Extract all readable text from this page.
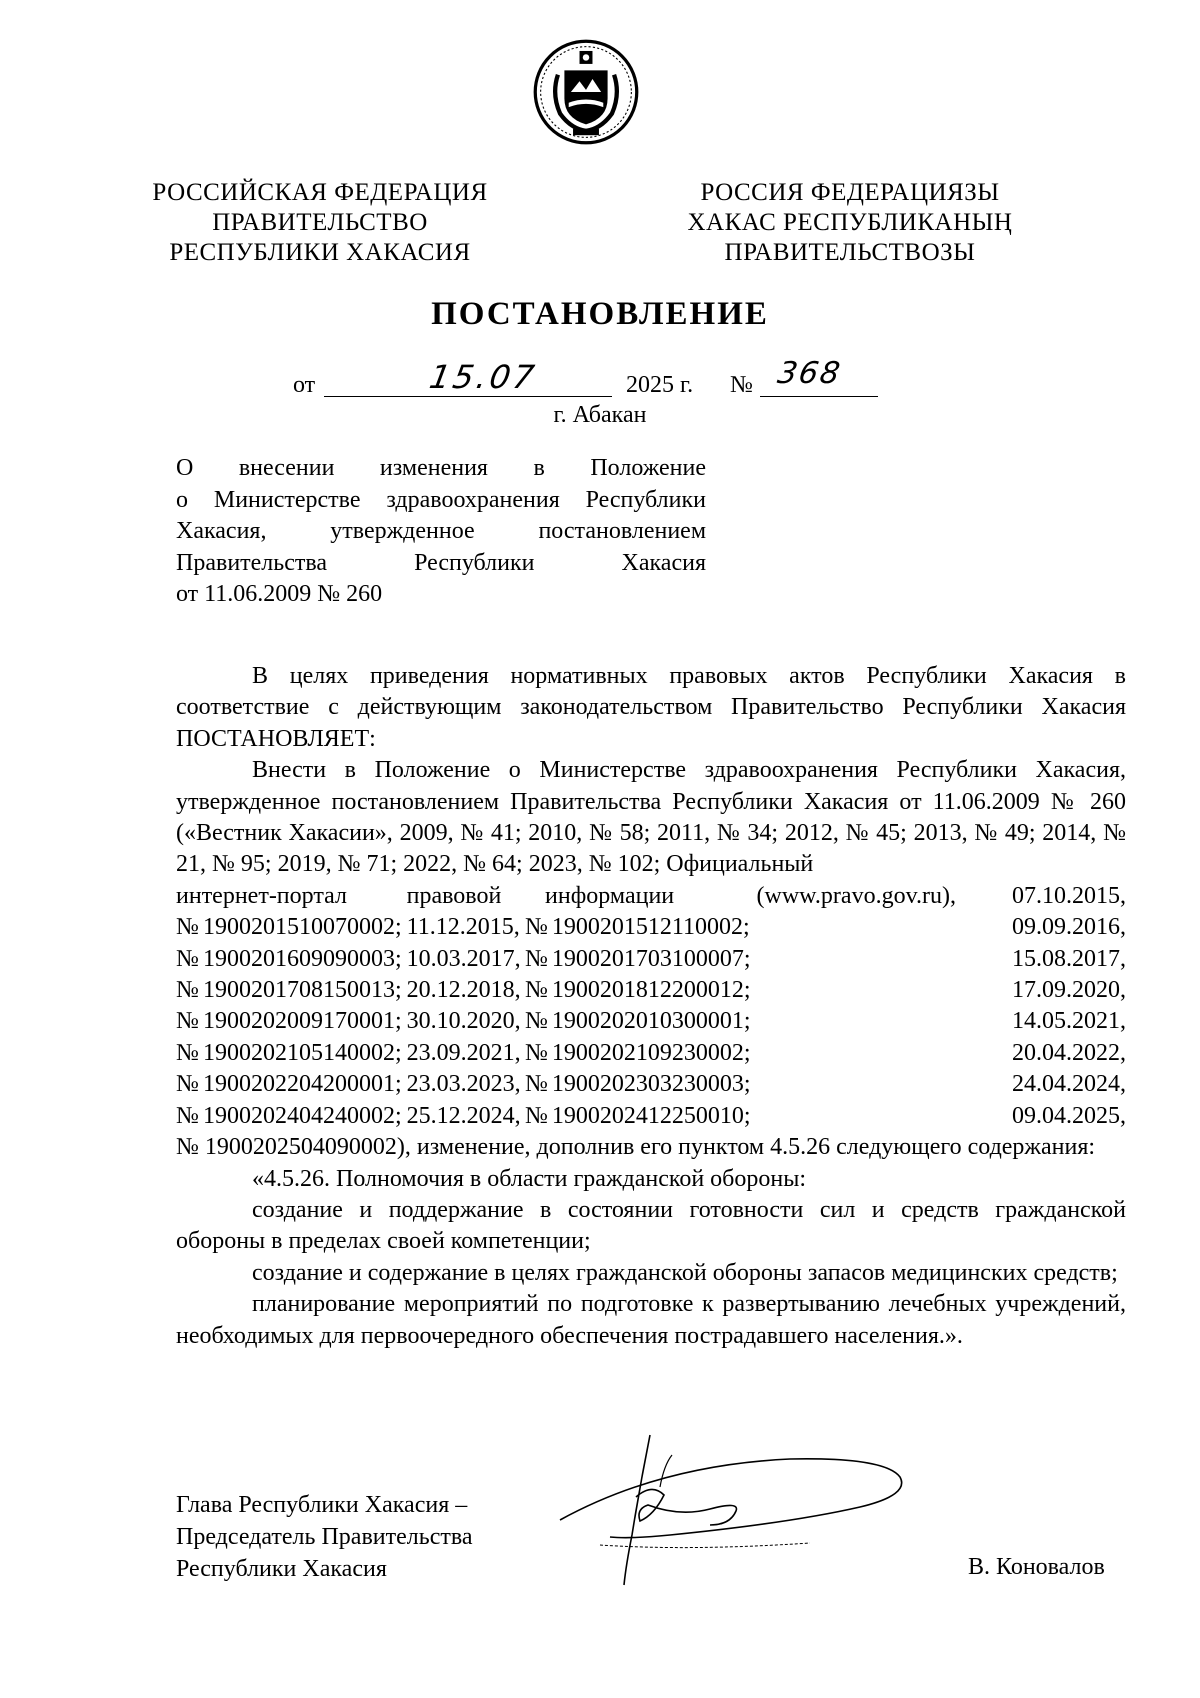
РОССИЙСКАЯ ФЕДЕРАЦИЯ
ПРАВИТЕЛЬСТВО
РЕСПУБЛИКИ ХАКАСИЯ
РОССИЯ ФЕДЕРАЦИЯЗЫ
ХАКАС РЕСПУБЛИКАНЫҢ
ПРАВИТЕЛЬСТВОЗЫ
ПОСТАНОВЛЕНИЕ
от	15.07	2025 г. № 368
г. Абакан
О внесении изменения в Положение
о Министерстве здравоохранения Республики
Хакасия, утвержденное постановлением
Правительства Республики Хакасия
от 11.06.2009 № 260

В целях приведения нормативных правовых актов Республики Хакасия в соответствие с действующим законодательством Правительство Республики Хакасия ПОСТАНОВЛЯЕТ:

Внести в Положение о Министерстве здравоохранения Республики Хакасия, утвержденное постановлением Правительства Республики Хакасия от 11.06.2009 № 260 («Вестник Хакасии», 2009, № 41; 2010, № 58; 2011, № 34; 2012, № 45; 2013, № 49; 2014, № 21, № 95; 2019, № 71; 2022, № 64; 2023, № 102; Официальный

интернет-портал		правовой	информации		(www.pravo.gov.ru), 07.10.2015,
№	1900201510070002;	11.12.2015,	№	1900201512110002;	09.09.2016,
№	1900201609090003;	10.03.2017,	№	1900201703100007;	15.08.2017,
№	1900201708150013;	20.12.2018,	№	1900201812200012;	17.09.2020,
№	1900202009170001;	30.10.2020,	№	1900202010300001;	14.05.2021,
№	1900202105140002;	23.09.2021,	№	1900202109230002;	20.04.2022,
№	1900202204200001;	23.03.2023,	№	1900202303230003;	24.04.2024,
№	1900202404240002;	25.12.2024,	№	1900202412250010;	09.04.2025,

№ 1900202504090002), изменение, дополнив его пунктом 4.5.26 следующего содержания:

«4.5.26. Полномочия в области гражданской обороны:

создание и поддержание в состоянии готовности сил и средств гражданской обороны в пределах своей компетенции;

создание и содержание в целях гражданской обороны запасов медицинских средств;

планирование мероприятий по подготовке к развертыванию лечебных учреждений, необходимых для первоочередного обеспечения пострадавшего населения.».

Глава Республики Хакасия –
Председатель Правительства
Республики Хакасия	В. Коновалов
